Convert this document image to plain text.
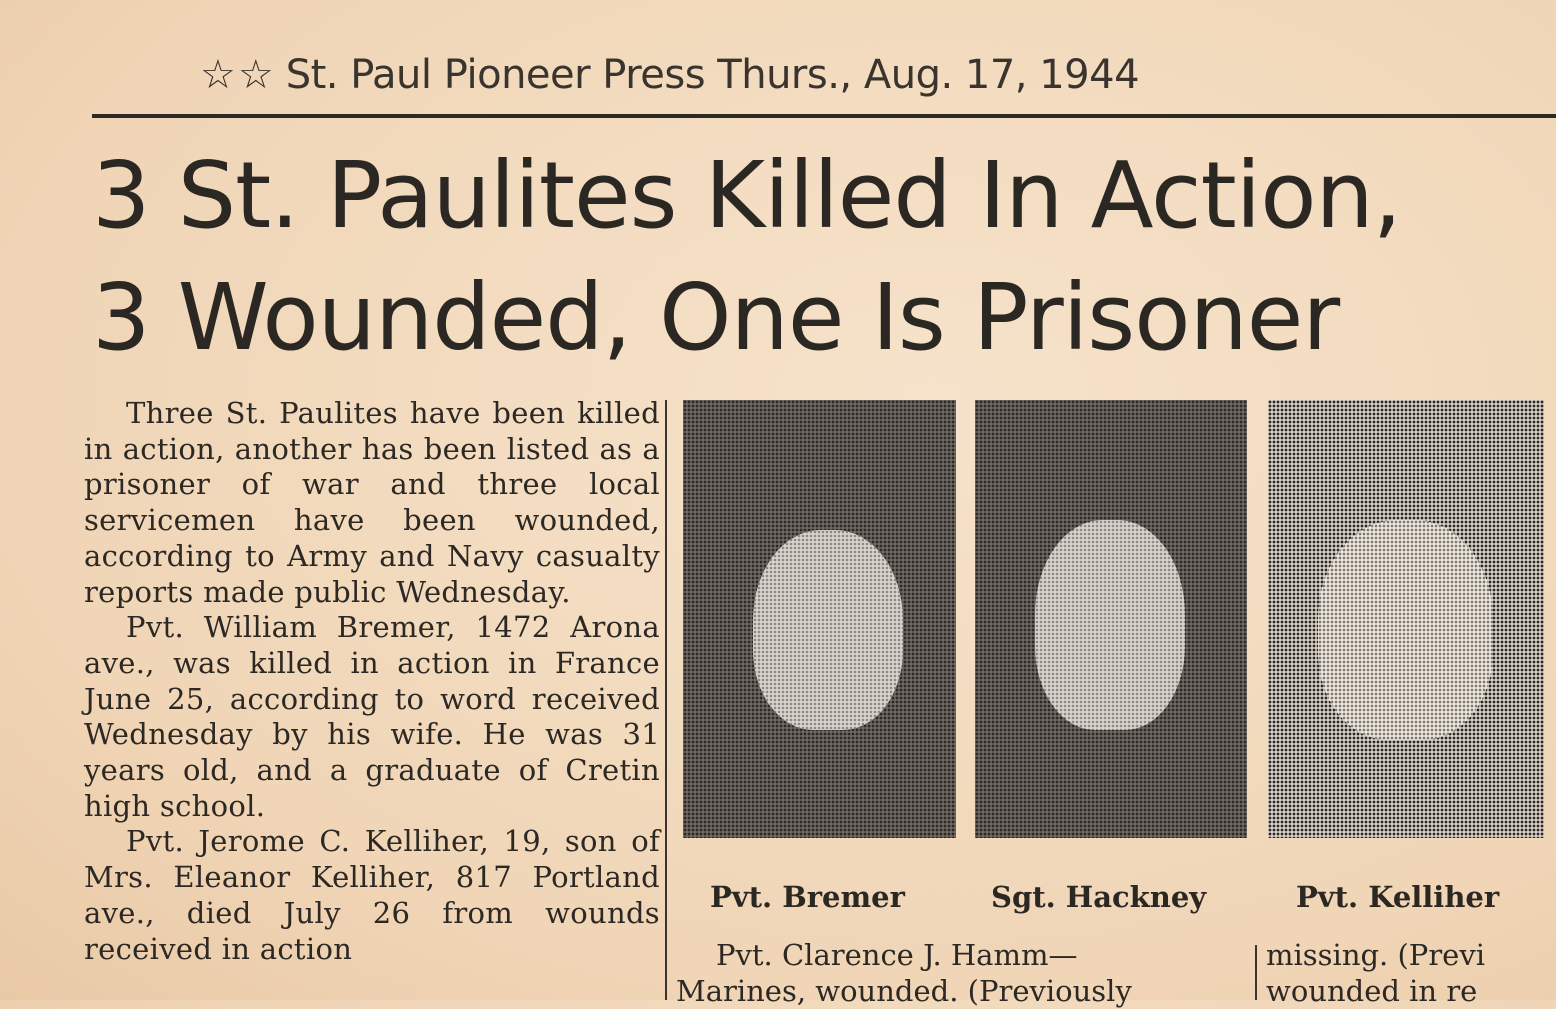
☆☆ St. Paul Pioneer Press Thurs., Aug. 17, 1944
3 St. Paulites Killed In Action,
3 Wounded, One Is Prisoner

Three St. Paulites have been killed in action, another has been listed as a prisoner of war and three local servicemen have been wounded, according to Army and Navy casualty reports made public Wednesday.

Pvt. William Bremer, 1472 Arona ave., was killed in action in France June 25, according to word received Wednesday by his wife. He was 31 years old, and a graduate of Cretin high school.

Pvt. Jerome C. Kelliher, 19, son of Mrs. Eleanor Kelliher, 817 Portland ave., died July 26 from wounds received in action

Pvt. Bremer	Sgt. Hackney	Pvt. Kelliher
Pvt. Clarence J. Hamm—
Marines, wounded. (Previously
missing. (Previ
wounded in re
